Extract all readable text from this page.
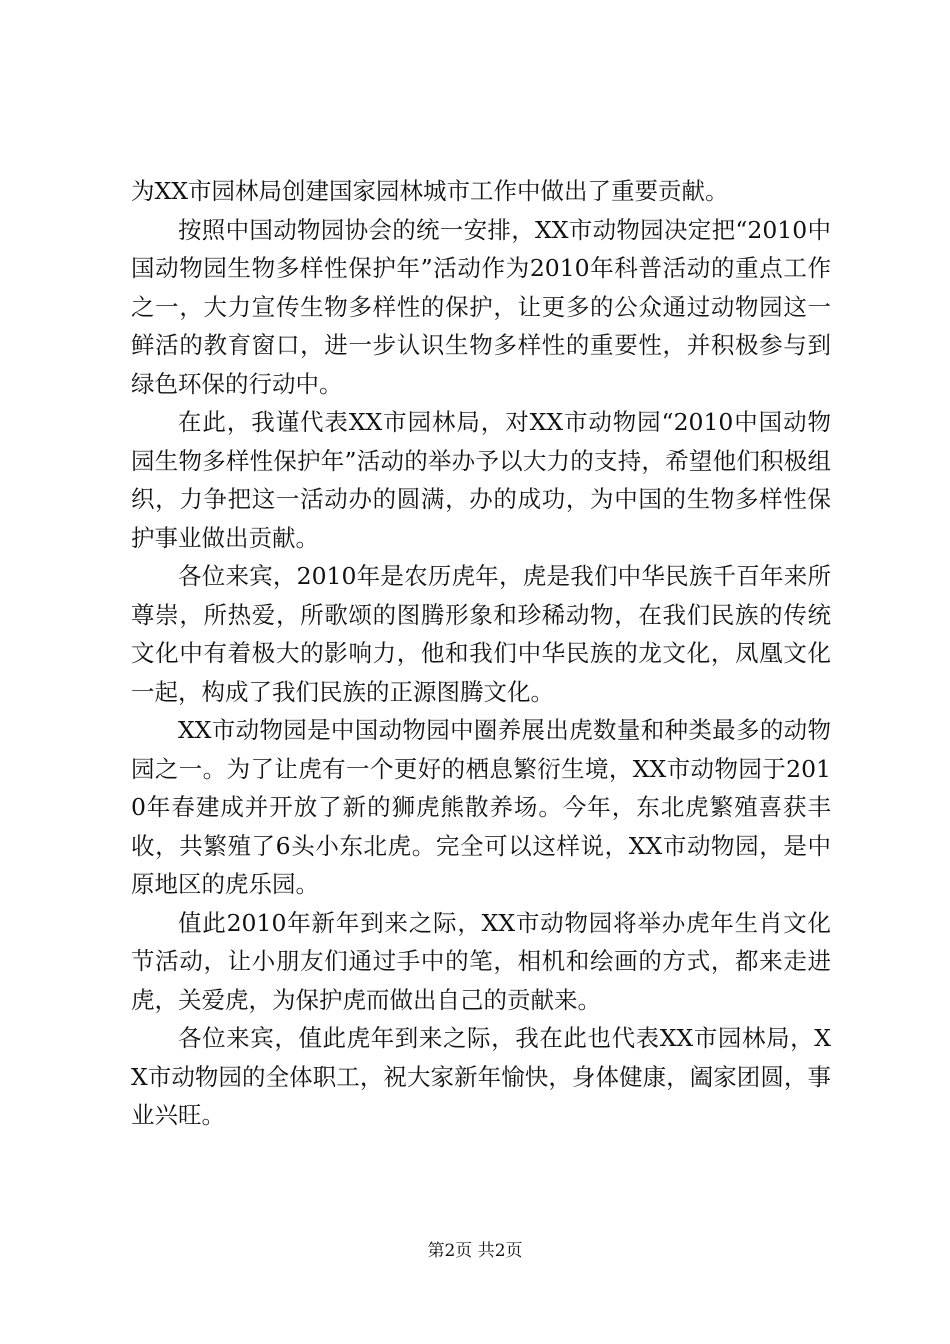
为XX市园林局创建国家园林城市工作中做出了重要贡献。

按照中国动物园协会的统一安排，XX市动物园决定把“2010中国动物园生物多样性保护年”活动作为2010年科普活动的重点工作之一，大力宣传生物多样性的保护，让更多的公众通过动物园这一鲜活的教育窗口，进一步认识生物多样性的重要性，并积极参与到绿色环保的行动中。

在此，我谨代表XX市园林局，对XX市动物园“2010中国动物园生物多样性保护年”活动的举办予以大力的支持，希望他们积极组织，力争把这一活动办的圆满，办的成功，为中国的生物多样性保护事业做出贡献。

各位来宾，2010年是农历虎年，虎是我们中华民族千百年来所尊崇，所热爱，所歌颂的图腾形象和珍稀动物，在我们民族的传统文化中有着极大的影响力，他和我们中华民族的龙文化，凤凰文化一起，构成了我们民族的正源图腾文化。

XX市动物园是中国动物园中圈养展出虎数量和种类最多的动物园之一。为了让虎有一个更好的栖息繁衍生境，XX市动物园于2010年春建成并开放了新的狮虎熊散养场。今年，东北虎繁殖喜获丰收，共繁殖了6头小东北虎。完全可以这样说，XX市动物园，是中原地区的虎乐园。

值此2010年新年到来之际，XX市动物园将举办虎年生肖文化节活动，让小朋友们通过手中的笔，相机和绘画的方式，都来走进虎，关爱虎，为保护虎而做出自己的贡献来。

各位来宾，值此虎年到来之际，我在此也代表XX市园林局，XX市动物园的全体职工，祝大家新年愉快，身体健康，阖家团圆，事业兴旺。

第2页 共2页
